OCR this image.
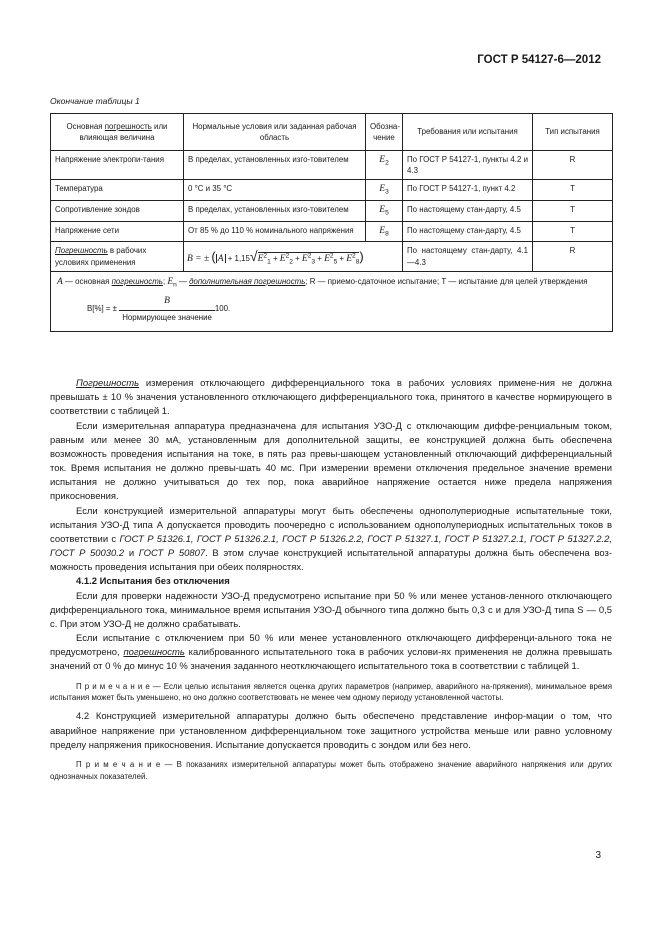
ГОСТ Р 54127-6—2012
Окончание таблицы 1
Основная погрешность или влияющая величина	Нормальные условия или заданная рабочая область	Обозна-чение	Требования или испытания	Тип испытания
Напряжение электропи-тания	В пределах, установленных изго-товителем	$E_2$	По ГОСТ Р 54127-1, пункты 4.2 и 4.3	R
Температура	0 °С и 35 °С	$E_3$	По ГОСТ Р 54127-1, пункт 4.2	Т
Сопротивление зондов	В пределах, установленных изго-товителем	$E_5$	По настоящему стан-дарту, 4.5	Т
Напряжение сети	От 85 % до 110 % номинального напряжения	$E_8$	По настоящему стан-дарту, 4.5	Т
Погрешность в рабочих условиях применения	B = ± ( $A + 1,15√E^2_1 + E^2_2 + E^2_3 + E^2_5 + E^2_8$)		По настоящему стан-дарту, 4.1—4.3	R

A — основная погрешность; $E_n$ — дополнительная погрешность; R — приемо-сдаточное испытание; Т — испытание для целей утверждения

B[%] = ± $\frac{B}{\text{Нормирующее значение}} 100$.				

Погрешность измерения отключающего дифференциального тока в рабочих условиях примене-ния не должна превышать ± 10 % значения установленного отключающего дифференциального тока, принятого в качестве нормирующего в соответствии с таблицей 1.

Если измерительная аппаратура предназначена для испытания УЗО-Д с отключающим диффе-ренциальным током, равным или менее 30 мА, установленным для дополнительной защиты, ее конструкцией должна быть обеспечена возможность проведения испытания на токе, в пять раз превы-шающем установленный отключающий дифференциальный ток. Время испытания не должно превы-шать 40 мс. При измерении времени отключения предельное значение времени испытания не должно учитываться до тех пор, пока аварийное напряжение остается ниже предела напряжения прикосновения.

Если конструкцией измерительной аппаратуры могут быть обеспечены однополупериодные испытательные токи, испытания УЗО-Д типа А допускается проводить поочередно с использованием однополупериодных испытательных токов в соответствии с ГОСТ Р 51326.1, ГОСТ Р 51326.2.1, ГОСТ Р 51326.2.2, ГОСТ Р 51327.1, ГОСТ Р 51327.2.1, ГОСТ Р 51327.2.2, ГОСТ Р 50030.2 и ГОСТ Р 50807. В этом случае конструкцией испытательной аппаратуры должна быть обеспечена воз-можность проведения испытания при обеих полярностях.

4.1.2 Испытания без отключения

Если для проверки надежности УЗО-Д предусмотрено испытание при 50 % или менее установ-ленного отключающего дифференциального тока, минимальное время испытания УЗО-Д обычного типа должно быть 0,3 с и для УЗО-Д типа S — 0,5 с. При этом УЗО-Д не должно срабатывать.

Если испытание с отключением при 50 % или менее установленного отключающего дифференци-ального тока не предусмотрено, погрешность калиброванного испытательного тока в рабочих услови-ях применения не должна превышать значений от 0 % до минус 10 % значения заданного неотключающего испытательного тока в соответствии с таблицей 1.

П р и м е ч а н и е — Если целью испытания является оценка других параметров (например, аварийного на-пряжения), минимальное время испытания может быть уменьшено, но оно должно соответствовать не менее чем одному периоду установленной частоты.

4.2 Конструкцией измерительной аппаратуры должно быть обеспечено представление инфор-мации о том, что аварийное напряжение при установленном дифференциальном токе защитного устройства меньше или равно условному пределу напряжения прикосновения. Испытание допускается проводить с зондом или без него.

П р и м е ч а н и е — В показаниях измерительной аппаратуры может быть отображено значение аварийного напряжения или других однозначных показателей.

3
